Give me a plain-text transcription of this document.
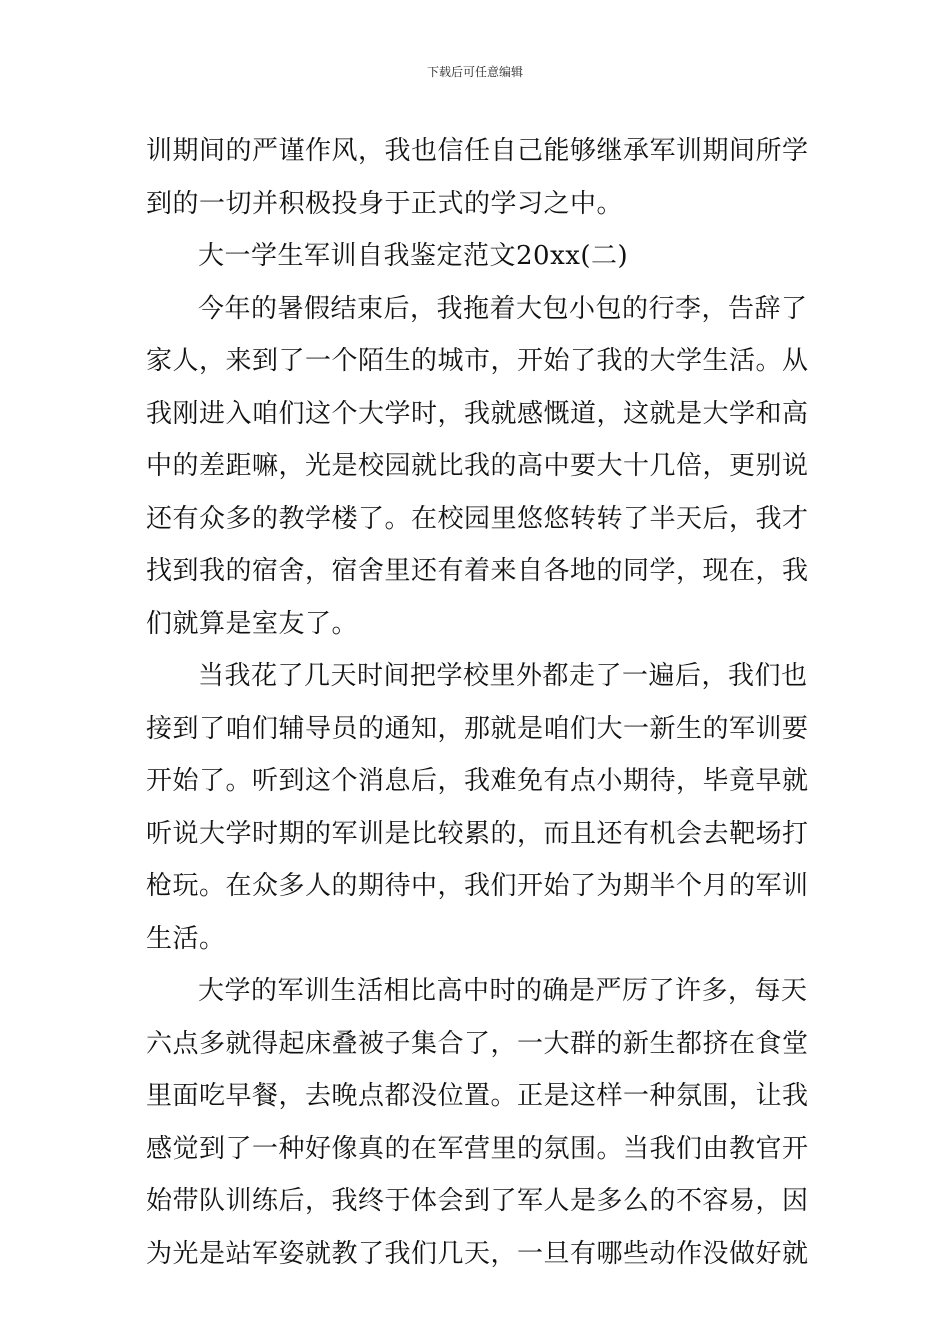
下载后可任意编辑

训期间的严谨作风，我也信任自己能够继承军训期间所学到的一切并积极投身于正式的学习之中。

大一学生军训自我鉴定范文20xx(二)

今年的暑假结束后，我拖着大包小包的行李，告辞了家人，来到了一个陌生的城市，开始了我的大学生活。从我刚进入咱们这个大学时，我就感慨道，这就是大学和高中的差距嘛，光是校园就比我的高中要大十几倍，更别说还有众多的教学楼了。在校园里悠悠转转了半天后，我才找到我的宿舍，宿舍里还有着来自各地的同学，现在，我们就算是室友了。

当我花了几天时间把学校里外都走了一遍后，我们也接到了咱们辅导员的通知，那就是咱们大一新生的军训要开始了。听到这个消息后，我难免有点小期待，毕竟早就听说大学时期的军训是比较累的，而且还有机会去靶场打枪玩。在众多人的期待中，我们开始了为期半个月的军训生活。

大学的军训生活相比高中时的确是严厉了许多，每天六点多就得起床叠被子集合了，一大群的新生都挤在食堂里面吃早餐，去晚点都没位置。正是这样一种氛围，让我感觉到了一种好像真的在军营里的氛围。当我们由教官开始带队训练后，我终于体会到了军人是多么的不容易，因为光是站军姿就教了我们几天，一旦有哪些动作没做好就
